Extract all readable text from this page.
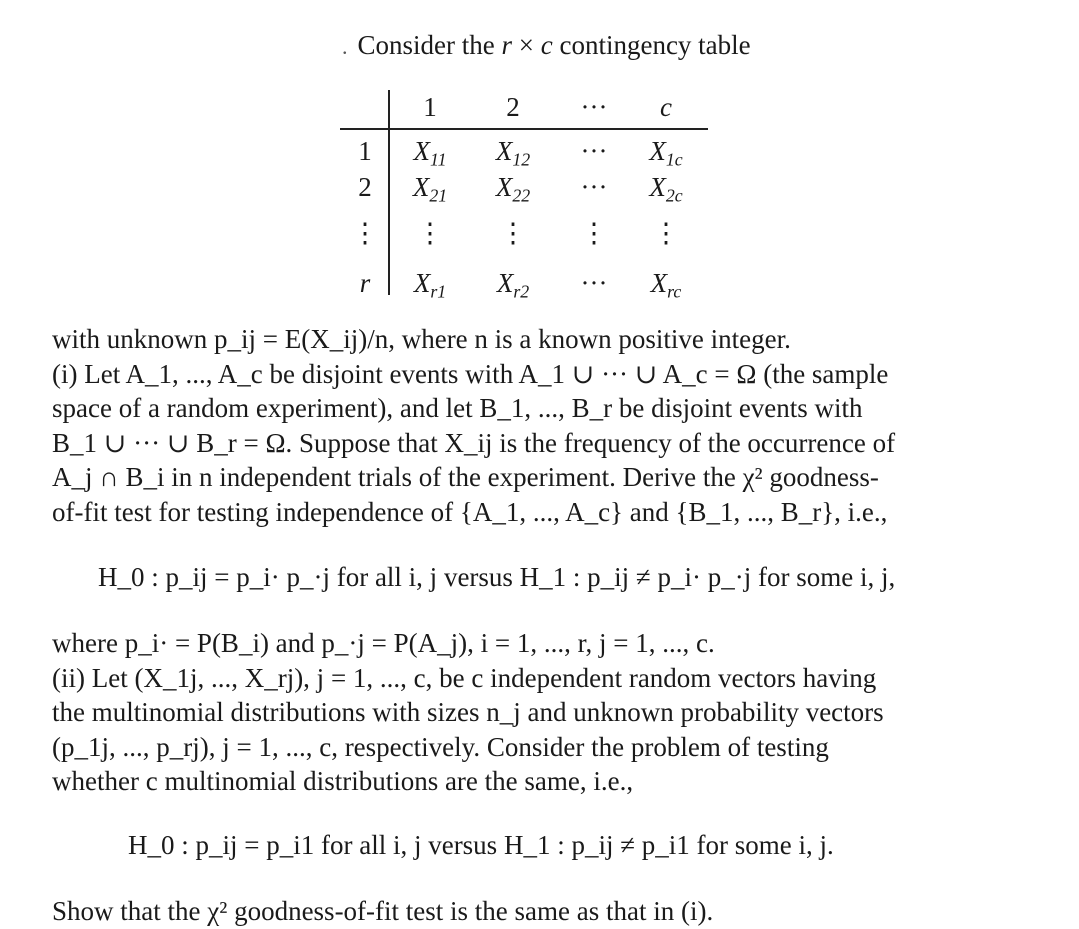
. Consider the r × c contingency table
1	2 ··· c
1
2
⋮
r
$X_{11}$ $X_{12}$ ··· $X_{1c}$
$X_{21}$ $X_{22}$ ··· $X_{2c}$
⋮ ⋮ ⋮ ⋮
$X_{r1}$ $X_{r2}$ ··· $X_{rc}$
with unknown p_ij = E(X_ij)/n, where n is a known positive integer.
(i) Let A_1, ..., A_c be disjoint events with A_1 ∪ ··· ∪ A_c = Ω (the sample
space of a random experiment), and let B_1, ..., B_r be disjoint events with
B_1 ∪ ··· ∪ B_r = Ω. Suppose that X_ij is the frequency of the occurrence of
A_j ∩ B_i in n independent trials of the experiment. Derive the χ² goodness-
of-fit test for testing independence of {A_1, ..., A_c} and {B_1, ..., B_r}, i.e.,
H_0 : p_ij = p_i· p_·j for all i, j versus H_1 : p_ij ≠ p_i· p_·j for some i, j,
where p_i· = P(B_i) and p_·j = P(A_j), i = 1, ..., r, j = 1, ..., c.
(ii) Let (X_1j, ..., X_rj), j = 1, ..., c, be c independent random vectors having
the multinomial distributions with sizes n_j and unknown probability vectors
(p_1j, ..., p_rj), j = 1, ..., c, respectively. Consider the problem of testing
whether c multinomial distributions are the same, i.e.,
H_0 : p_ij = p_i1 for all i, j versus H_1 : p_ij ≠ p_i1 for some i, j.
Show that the χ² goodness-of-fit test is the same as that in (i).
